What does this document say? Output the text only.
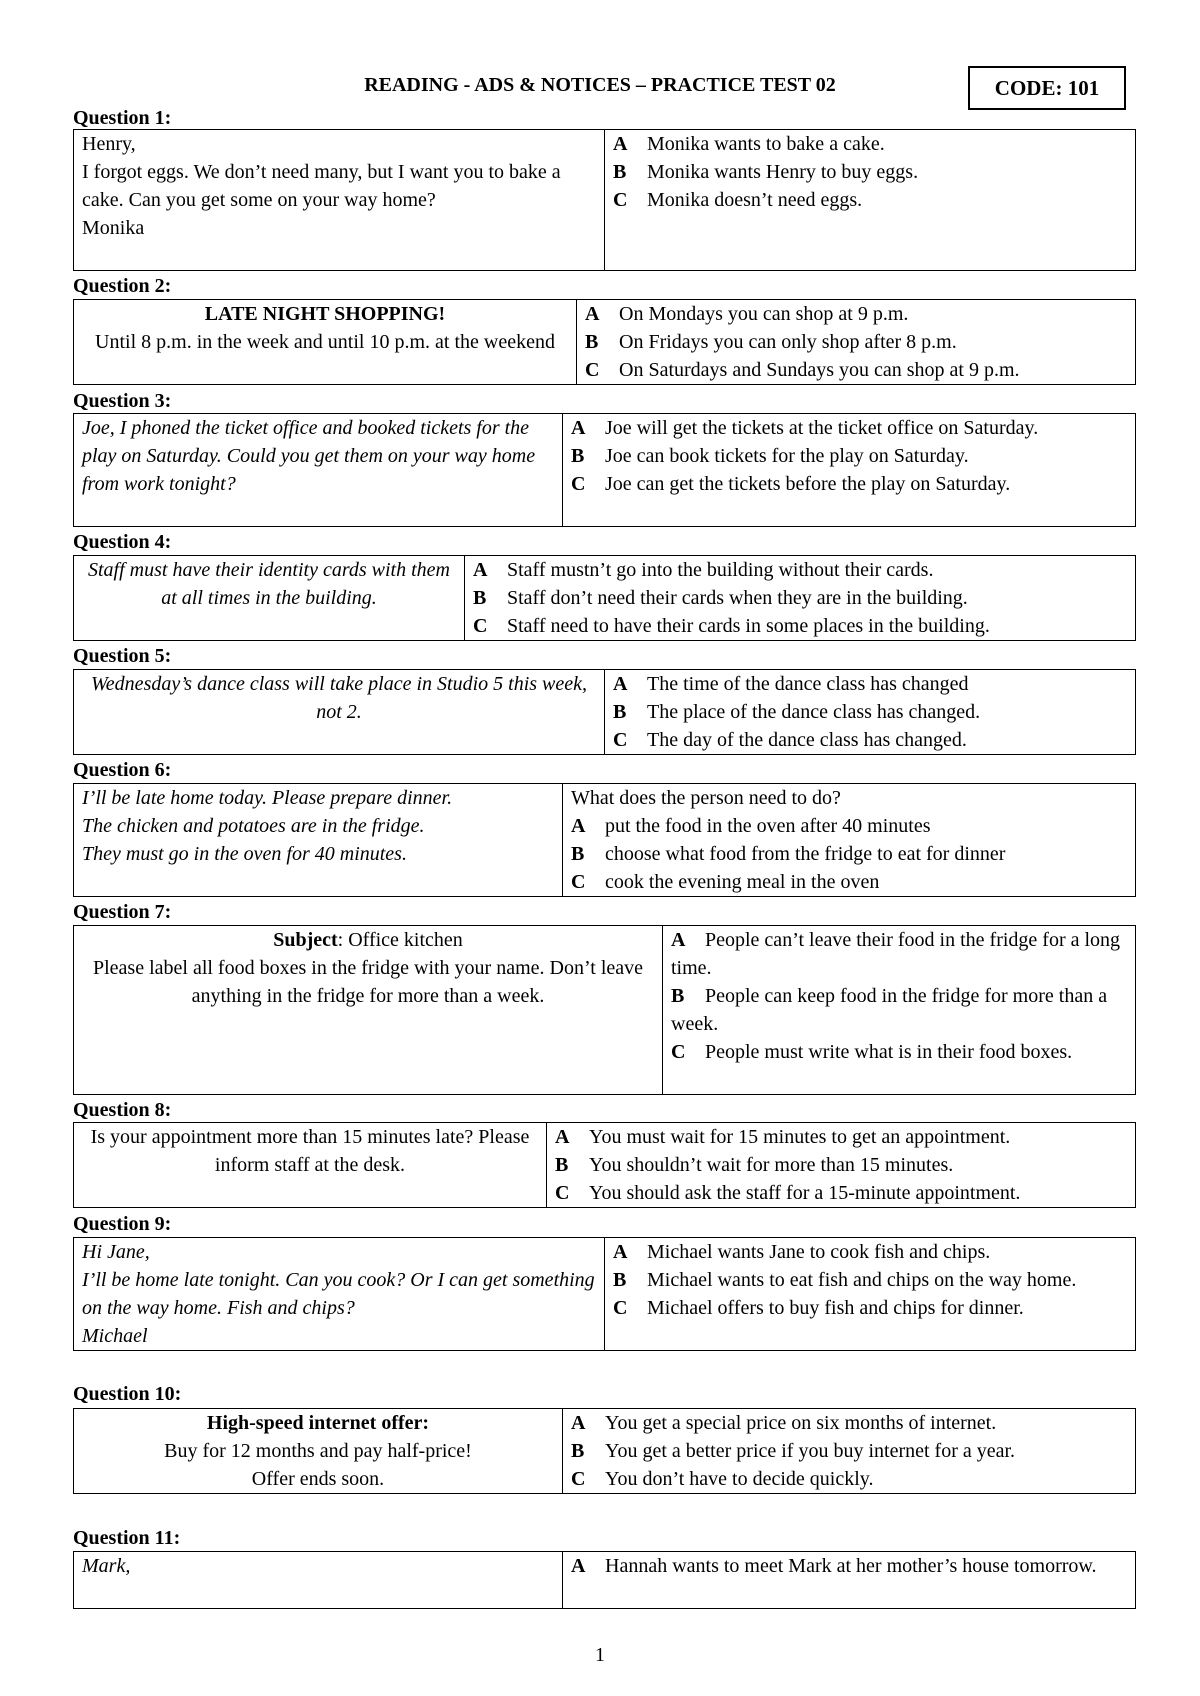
READING - ADS & NOTICES – PRACTICE TEST 02	CODE: 101
Question 1:
Henry,
I forgot eggs. We don’t need many, but I want you to bake a cake. Can you get some on your way home?
Monika

A Monika wants to bake a cake.
B	Monika wants Henry to buy eggs.
C Monika doesn’t need eggs.
Question 2:
LATE NIGHT SHOPPING!
Until 8 p.m. in the week and until 10 p.m. at the weekend

A On Mondays you can shop at 9 p.m.
B	On Fridays you can only shop after 8 p.m.
C On Saturdays and Sundays you can shop at 9 p.m.
Question 3:
Joe, I phoned the ticket office and booked tickets for the play on Saturday. Could you get them on your way home from work tonight?	
A Joe will get the tickets at the ticket office on Saturday.
B	Joe can book tickets for the play on Saturday.
C Joe can get the tickets before the play on Saturday.
Question 4:
Staff must have their identity cards with them at all times in the building.	
A Staff mustn’t go into the building without their cards.
B	Staff don’t need their cards when they are in the building.
C Staff need to have their cards in some places in the building.
Question 5:
Wednesday’s dance class will take place in Studio 5 this week, not 2.	
A The time of the dance class has changed
B	The place of the dance class has changed.
C The day of the dance class has changed.
Question 6:
I’ll be late home today. Please prepare dinner.
The chicken and potatoes are in the fridge.
They must go in the oven for 40 minutes.

What does the person need to do?
A put the food in the oven after 40 minutes
B	choose what food from the fridge to eat for dinner
C cook the evening meal in the oven
Question 7:
Subject: Office kitchen
Please label all food boxes in the fridge with your name. Don’t leave anything in the fridge for more than a week.

A People can’t leave their food in the fridge for a long time.
B People can keep food in the fridge for more than a week.
C People must write what is in their food boxes.
Question 8:
Is your appointment more than 15 minutes late? Please inform staff at the desk.	
A You must wait for 15 minutes to get an appointment.
B	You shouldn’t wait for more than 15 minutes.
C You should ask the staff for a 15-minute appointment.
Question 9:
Hi Jane,
I’ll be home late tonight. Can you cook? Or I can get something on the way home. Fish and chips?
Michael

A Michael wants Jane to cook fish and chips.
B Michael wants to eat fish and chips on the way home.
C Michael offers to buy fish and chips for dinner.
Question 10:
High-speed internet offer:
Buy for 12 months and pay half-price!
Offer ends soon.

A You get a special price on six months of internet.
B	You get a better price if you buy internet for a year.
C You don’t have to decide quickly.
Question 11:
Mark,	A Hannah wants to meet Mark at her mother’s house tomorrow.
1
